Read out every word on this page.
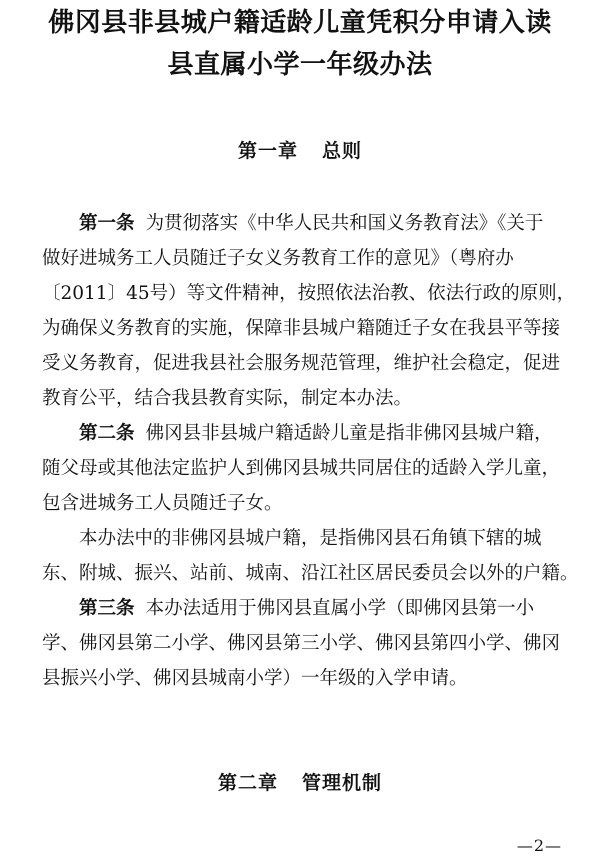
佛冈县非县城户籍适龄儿童凭积分申请入读
县直属小学一年级办法
第一章 总则

第一条 为贯彻落实《中华人民共和国义务教育法》《关于
做好进城务工人员随迁子女义务教育工作的意见》（粤府办
〔2011〕45号）等文件精神，按照依法治教、依法行政的原则，
为确保义务教育的实施，保障非县城户籍随迁子女在我县平等接
受义务教育，促进我县社会服务规范管理，维护社会稳定，促进
教育公平，结合我县教育实际，制定本办法。

第二条 佛冈县非县城户籍适龄儿童是指非佛冈县城户籍，
随父母或其他法定监护人到佛冈县城共同居住的适龄入学儿童，
包含进城务工人员随迁子女。

本办法中的非佛冈县城户籍，是指佛冈县石角镇下辖的城
东、附城、振兴、站前、城南、沿江社区居民委员会以外的户籍。

第三条 本办法适用于佛冈县直属小学（即佛冈县第一小
学、佛冈县第二小学、佛冈县第三小学、佛冈县第四小学、佛冈
县振兴小学、佛冈县城南小学）一年级的入学申请。

第二章 管理机制
—2—
